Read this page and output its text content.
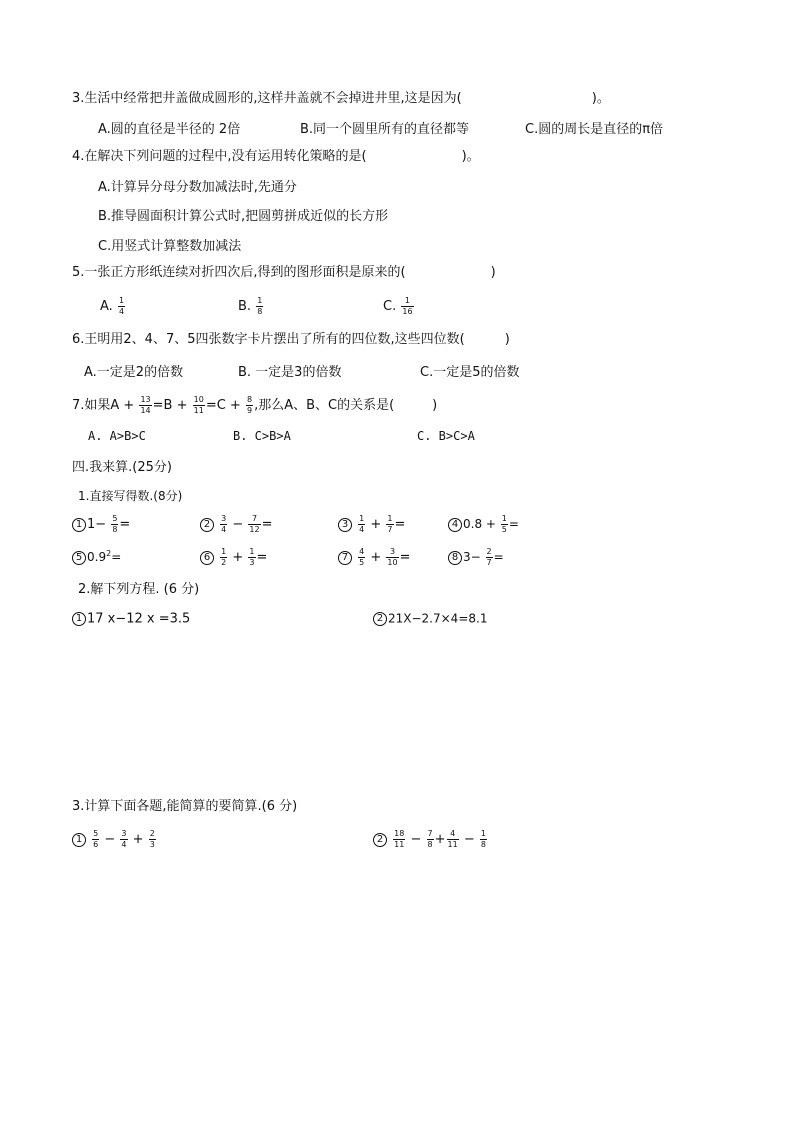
3.生活中经常把井盖做成圆形的,这样井盖就不会掉进井里,这是因为(	)。
A.圆的直径是半径的 2倍	B.同一个圆里所有的直径都等	C.圆的周长是直径的π倍
4.在解决下列问题的过程中,没有运用转化策略的是(	)。
A.计算异分母分数加减法时,先通分
B.推导圆面积计算公式时,把圆剪拼成近似的长方形
C.用竖式计算整数加减法
5.一张正方形纸连续对折四次后,得到的图形面积是原来的(	)
A. $\frac{1}{4}$	B. $\frac{1}{8}$	C. $\frac{1}{16}$
6.王明用2、4、7、5四张数字卡片摆出了所有的四位数,这些四位数(	)
A.一定是2的倍数	B. 一定是3的倍数	C.一定是5的倍数
7.如果$A + \frac{13}{14} =B + \frac{10}{11} =C + \frac{8}{9}$ ,那么A、B、C的关系是(	)
A. A>B>C	B. C>B>A	C. B>C>A
四.我来算.(25分)
1.直接写得数.(8分)
1 $1- \frac{5}{8}$ =	$2 \frac{3}{4} - \frac{7}{12}$ =	$3 \frac{1}{4} + \frac{1}{7}$ =	4 $0.8 + \frac{1}{5}$ =
5 $0.9^2=$	$6 \frac{1}{2} + \frac{1}{3}$ =	$7 \frac{4}{5} + \frac{3}{10}$ =	8 $3- \frac{2}{7}$ =
2.解下列方程. (6 分)
1 17 x−12 x =3.5	2 21X−2.7×4=8.1
3.计算下面各题,能简算的要简算.(6 分)
$1 \frac{5}{6} - \frac{3}{4} + \frac{2}{3}$	$2 \frac{18}{11} - \frac{7}{8} + \frac{4}{11} - \frac{1}{8}$
